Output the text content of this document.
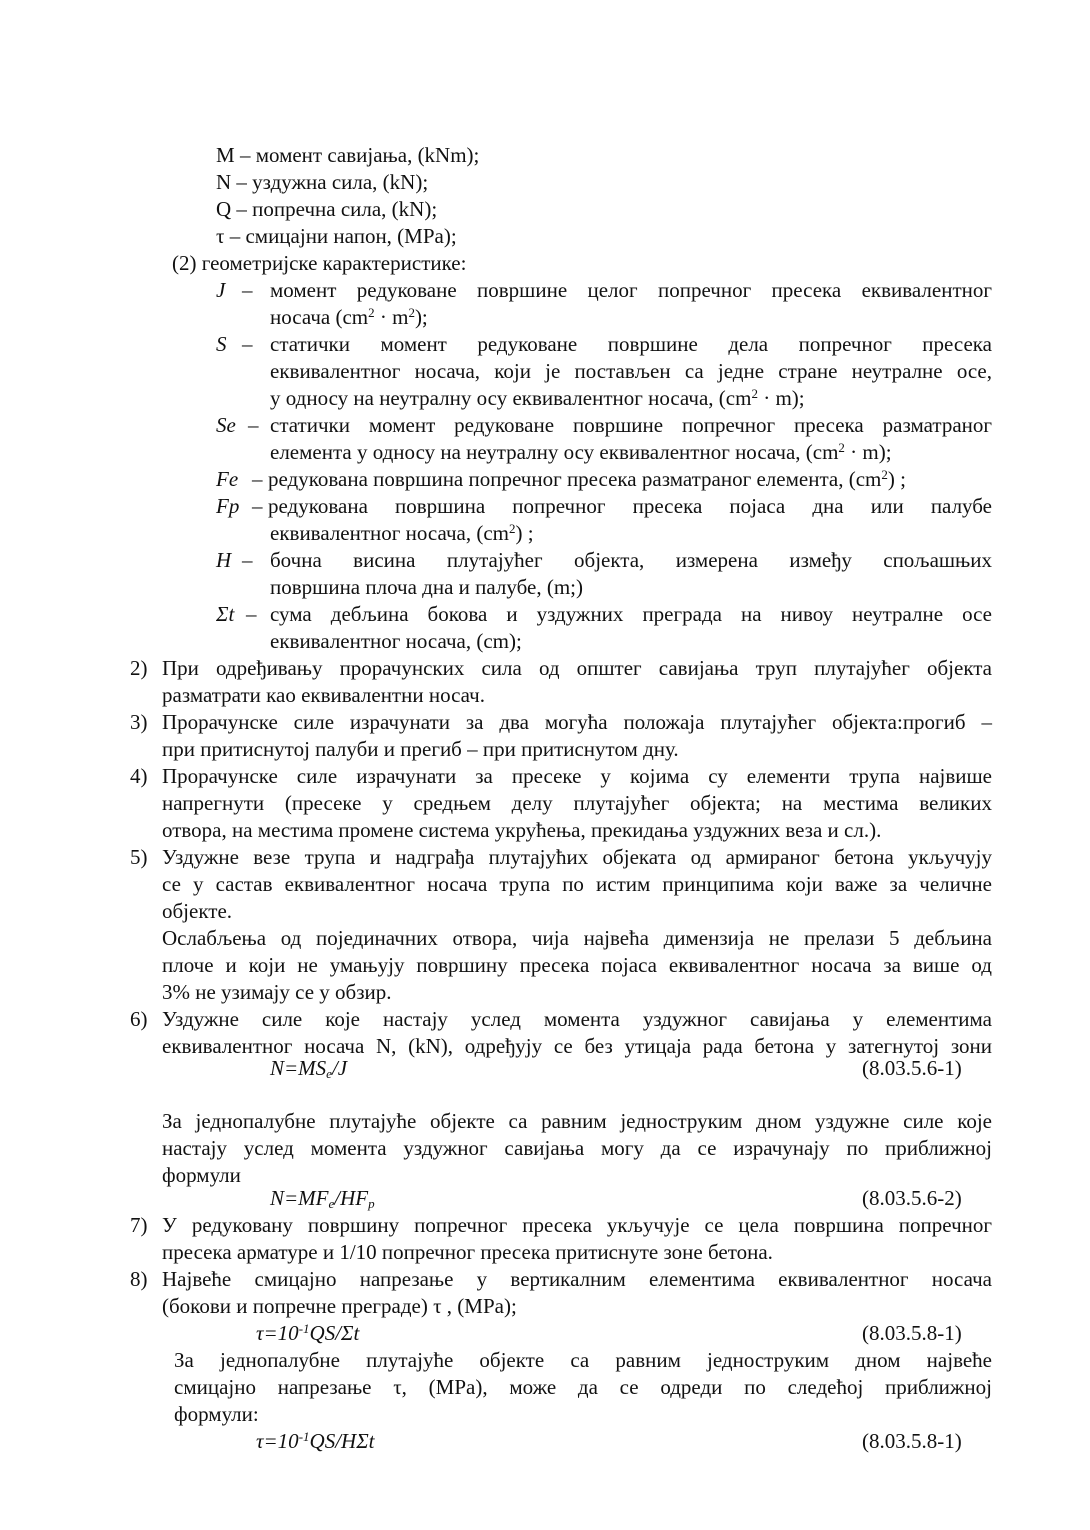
M – момент савијања, (kNm);
N – уздужна сила, (kN);
Q – попречна сила, (kN);
τ – смицајни напон, (MPa);
(2) геометријске карактеристике:
J – момент редуковане површине целог попречног пресека еквивалентног
носача $(cm^2 \cdot m^2)$;
S – статички момент редуковане површине дела попречног пресека
еквивалентног носача, који је постављен са једне стране неутралне осе,
у односу на неутралну осу еквивалентног носача, $(cm^2 \cdot m)$;
Se – статички момент редуковане површине попречног пресека разматраног
елемента у односу на неутралну осу еквивалентног носача, $(cm^2 \cdot m)$;
Fe – редукована површина попречног пресека разматраног елемента, $(cm^2)$ ;
Fp – редукована површина попречног пресека појаса дна или палубе
еквивалентног носача, $(cm^2)$ ;
H – бочна висина плутајућег објекта, измерена између спољашњих
површина плоча дна и палубе, (m;)
Σt – сума дебљина бокова и уздужних преграда на нивоу неутралне осе
еквивалентног носача, (cm);
2) При одређивању прорачунских сила од општег савијања труп плутајућег објекта
разматрати као еквивалентни носач.
3) Прорачунске силе израчунати за два могућа положаја плутајућег објекта:прогиб –
при притиснутој палуби и прегиб – при притиснутом дну.
4) Прорачунске силе израчунати за пресеке у којима су елементи трупа највише
напрегнути (пресеке у средњем делу плутајућег објекта; на местима великих
отвора, на местима промене система укрућења, прекидања уздужних веза и сл.).
5) Уздужне везе трупа и надграђа плутајућих објеката од армираног бетона укључују
се у састав еквивалентног носача трупа по истим принципима који важе за челичне
објекте.
Ослабљења од појединачних отвора, чија највећа димензија не прелази 5 дебљина
плоче и који не умањују површину пресека појаса еквивалентног носача за више од
3% не узимају се у обзир.
6) Уздужне силе које настају услед момента уздужног савијања у елементима
еквивалентног носача N, (kN), одређују се без утицаја рада бетона у затегнутој зони
$N=MS_e/J$	(8.03.5.6-1)
За једнопалубне плутајуће објекте са равним једноструким дном уздужне силе које
настају услед момента уздужног савијања могу да се израчунају по приближној
формули
$N=MF_e/HF_p$	(8.03.5.6-2)
7) У редуковану површину попречног пресека укључује се цела површина попречног
пресека арматуре и 1/10 попречног пресека притиснуте зоне бетона.
8) Највеће смицајно напрезање у вертикалним елементима еквивалентног носача
(бокови и попречне преграде) τ , (MPa);
$\tau=10^{-1}QS/\Sigma t$	(8.03.5.8-1)
За једнопалубне плутајуће објекте са равним једноструким дном највеће
смицајно напрезање τ, (MPa), може да се одреди по следећој приближној
формули:
$\tau=10^{-1}QS$/HΣt	(8.03.5.8-1)
